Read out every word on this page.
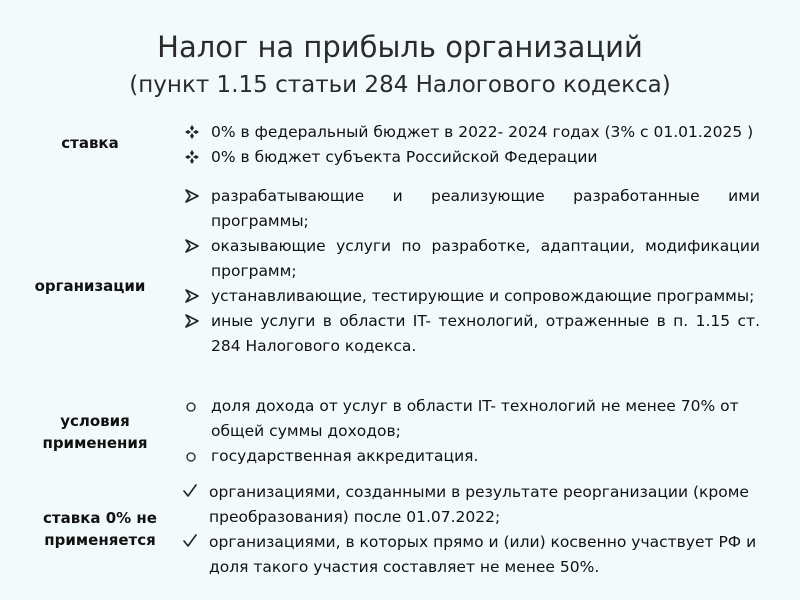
Налог на прибыль организаций
(пункт 1.15 статьи 284 Налогового кодекса)
ставка
0% в федеральный бюджет в 2022- 2024 годах (3% с 01.01.2025 )
0% в бюджет субъекта Российской Федерации
организации
разрабатывающие и реализующие разработанные ими программы;
оказывающие услуги по разработке, адаптации, модификации программ;
устанавливающие, тестирующие и сопровождающие программы;
иные услуги в области IT- технологий, отраженные в п. 1.15 ст. 284 Налогового кодекса.
условия применения
доля дохода от услуг в области IT- технологий не менее 70% от общей суммы доходов;
государственная аккредитация.
ставка 0% не применяется
организациями, созданными в результате реорганизации (кроме преобразования) после 01.07.2022;
организациями, в которых прямо и (или) косвенно участвует РФ и доля такого участия составляет не менее 50%.
